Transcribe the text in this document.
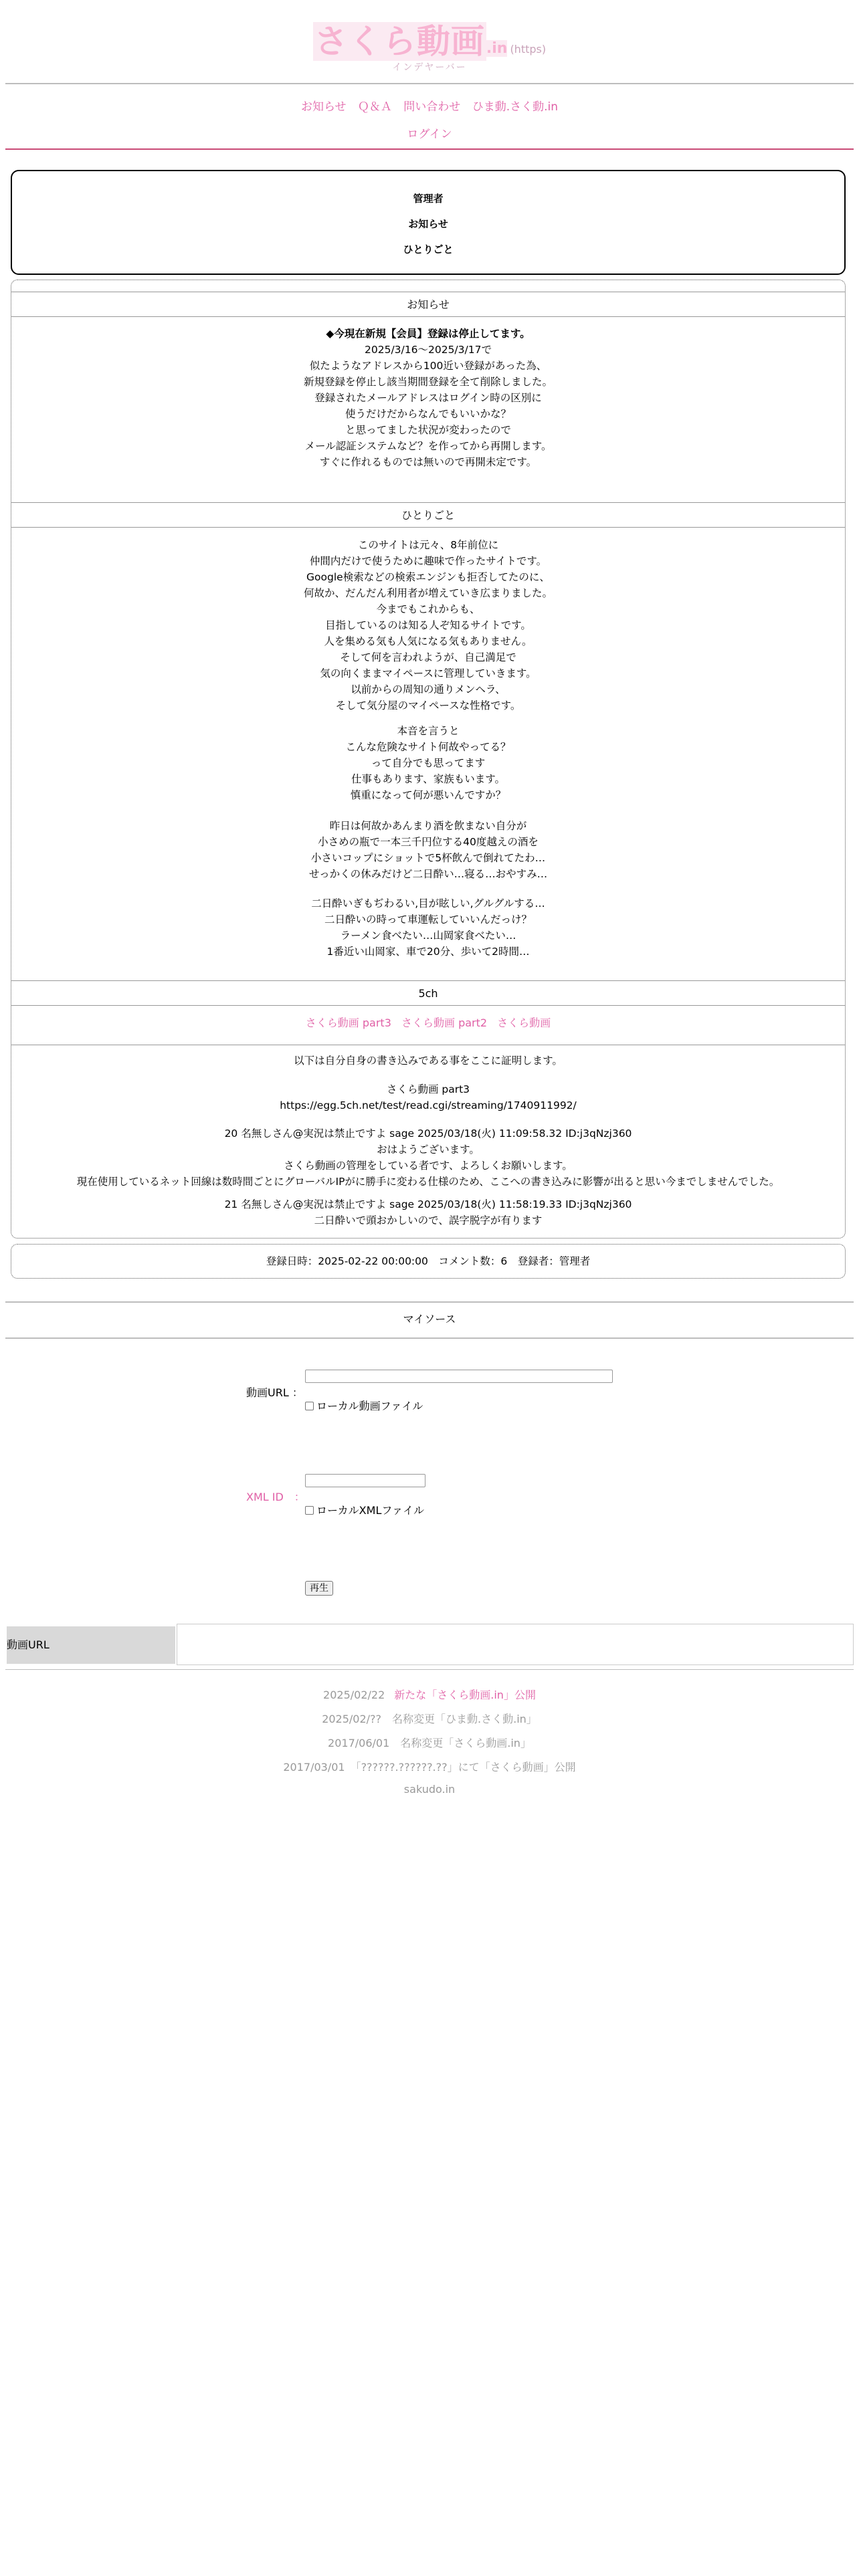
さくら動画.in (https)
インデヤーバー
お知らせ Ｑ＆Ａ 問い合わせ ひま動.さく動.in
ログイン
管理者
お知らせ
ひとりごと
お知らせ
◆今現在新規【会員】登録は停止してます。
2025/3/16～2025/3/17で
似たようなアドレスから100近い登録があった為、
新規登録を停止し該当期間登録を全て削除しました。
登録されたメールアドレスはログイン時の区別に
使うだけだからなんでもいいかな？
と思ってました状況が変わったので
メール認証システムなど？を作ってから再開します。
すぐに作れるものでは無いので再開未定です。
ひとりごと
このサイトは元々、8年前位に
仲間内だけで使うために趣味で作ったサイトです。
Google検索などの検索エンジンも拒否してたのに、
何故か、だんだん利用者が増えていき広まりました。
今までもこれからも、
目指しているのは知る人ぞ知るサイトです。
人を集める気も人気になる気もありません。
そして何を言われようが、自己満足で
気の向くままマイペースに管理していきます。
以前からの周知の通りメンヘラ、
そして気分屋のマイペースな性格です。
本音を言うと
こんな危険なサイト何故やってる？
って自分でも思ってます
仕事もあります、家族もいます。
慎重になって何が悪いんですか？
昨日は何故かあんまり酒を飲まない自分が
小さめの瓶で一本三千円位する40度越えの酒を
小さいコップにショットで5杯飲んで倒れてたわ…
せっかくの休みだけど二日酔い…寝る…おやすみ…
二日酔いぎもぢわるい,目が眩しい,グルグルする…
二日酔いの時って車運転していいんだっけ？
ラーメン食べたい…山岡家食べたい…
1番近い山岡家、車で20分、歩いて2時間…
5ch
さくら動画 part3 さくら動画 part2 さくら動画
以下は自分自身の書き込みである事をここに証明します。
さくら動画 part3
https://egg.5ch.net/test/read.cgi/streaming/1740911992/
20 名無しさん@実況は禁止ですよ sage 2025/03/18(火) 11:09:58.32 ID:j3qNzj360
おはようございます。
さくら動画の管理をしている者です、よろしくお願いします。
現在使用しているネット回線は数時間ごとにグローバルIPがに勝手に変わる仕様のため、ここへの書き込みに影響が出ると思い今までしませんでした。
21 名無しさん@実況は禁止ですよ sage 2025/03/18(火) 11:58:19.33 ID:j3qNzj360
二日酔いで頭おかしいので、誤字脱字が有ります
登録日時：2025-02-22 00:00:00　コメント数：6　登録者：管理者
マイソース
動画URL ：
ローカル動画ファイル
XML ID　：
ローカルXMLファイル
再生
動画URL
2025/02/22 新たな「さくら動画.in」公開
2025/02/??　名称変更「ひま動.さく動.in」
2017/06/01　名称変更「さくら動画.in」
2017/03/01　「??????.??????.??」にて「さくら動画」公開
sakudo.in
